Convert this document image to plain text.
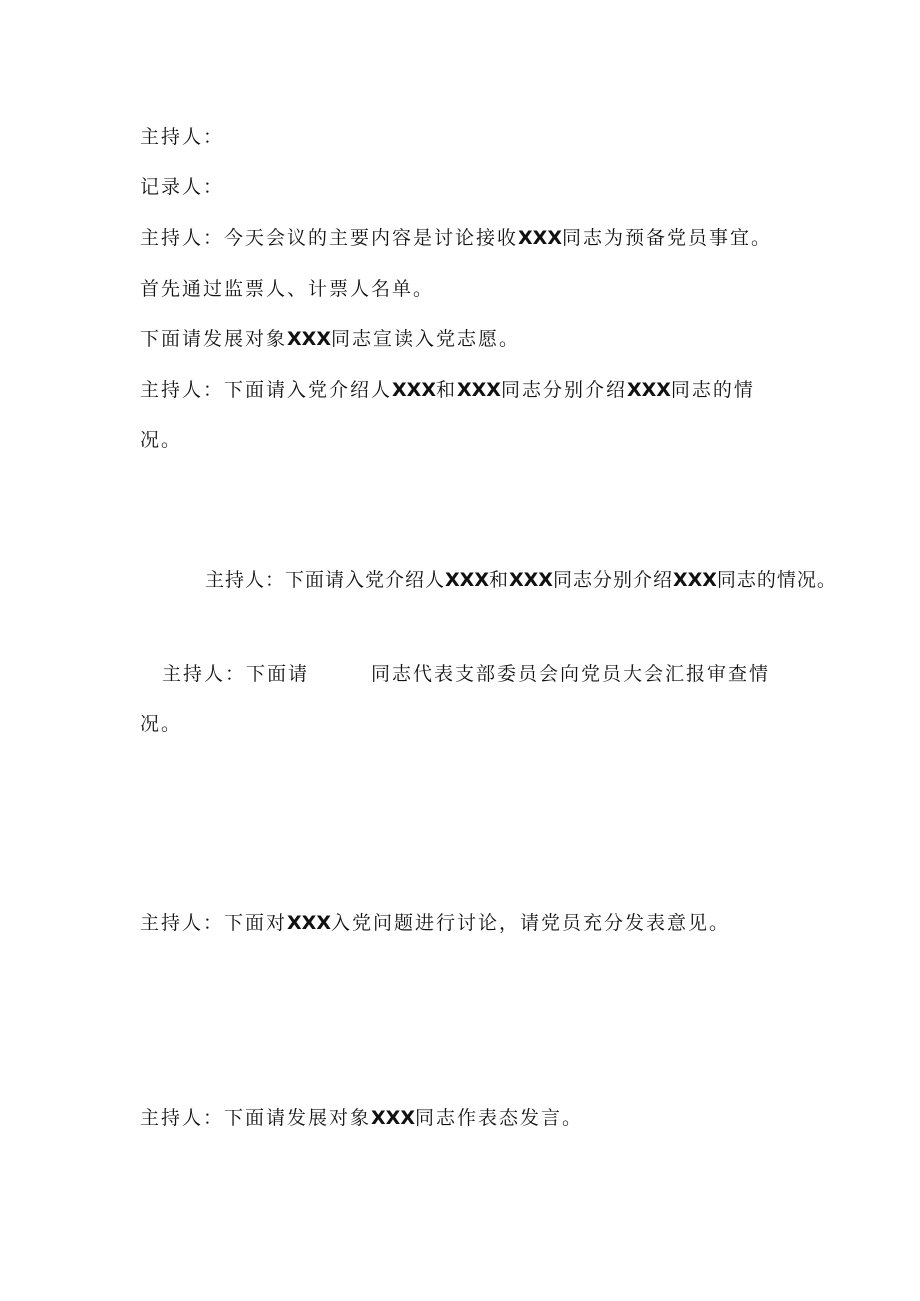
主持人：

记录人：

主持人：今天会议的主要内容是讨论接收XXX同志为预备党员事宜。

首先通过监票人、计票人名单。

下面请发展对象XXX同志宣读入党志愿。

主持人：下面请入党介绍人XXX和XXX同志分别介绍XXX同志的情

况。

主持人：下面请入党介绍人XXX和XXX同志分别介绍XXX同志的情况。

主持人：下面请	同志代表支部委员会向党员大会汇报审查情

况。

主持人：下面对XXX入党问题进行讨论，请党员充分发表意见。

主持人：下面请发展对象XXX同志作表态发言。
